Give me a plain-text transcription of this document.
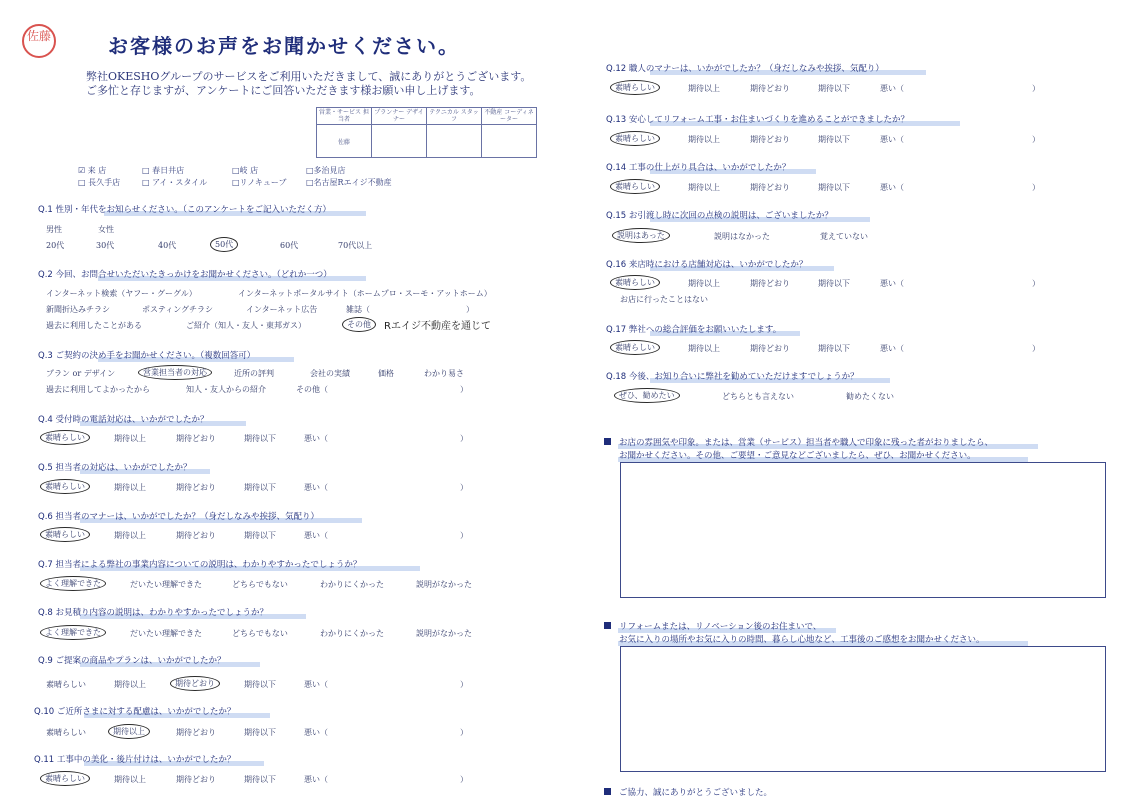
佐藤	お客様のお声をお聞かせください。
弊社OKESHOグループのサービスをご利用いただきまして、誠にありがとうございます。
ご多忙と存じますが、アンケートにご回答いただきます様お願い申し上げます。
営業・サービス 担当者	プランナー デザイナー	テクニカル スタッフ	不動産 コーディネーター
佐藤			
☑ 来 店	□ 春日井店	□岐 店	□多治見店
□ 長久手店	□ アイ・スタイル	□リノキューブ □名古屋Rエイジ不動産
Q.1 性別・年代をお知らせください。（このアンケートをご記入いただく方）
男性	女性
20代	30代	40代	50代	60代	70代以上
Q.2 今回、お問合せいただいたきっかけをお聞かせください。（どれか一つ）
インターネット検索（ヤフー・グーグル）	インターネットポータルサイト（ホームプロ・スーモ・アットホーム）
新聞折込みチラシ	ポスティングチラシ	インターネット広告	雑誌（	）
過去に利用したことがある	ご紹介（知人・友人・東邦ガス）	その他	Rエイジ不動産を通じて
Q.3 ご契約の決め手をお聞かせください。（複数回答可）
プラン or デザイン	営業担当者の対応	近所の評判	会社の実績	価格	わかり易さ
過去に利用してよかったから	知人・友人からの紹介	その他（	）
Q.4 受付時の電話対応は、いかがでしたか？
素晴らしい	期待以上	期待どおり	期待以下	悪い（	）
Q.5 担当者の対応は、いかがでしたか？
素晴らしい	期待以上	期待どおり	期待以下	悪い（	）
Q.6 担当者のマナーは、いかがでしたか？（身だしなみや挨拶、気配り）
素晴らしい	期待以上	期待どおり	期待以下	悪い（	）
Q.7 担当者による弊社の事業内容についての説明は、わかりやすかったでしょうか？
よく理解できた	だいたい理解できた	どちらでもない	わかりにくかった	説明がなかった
Q.8 お見積り内容の説明は、わかりやすかったでしょうか？
よく理解できた	だいたい理解できた	どちらでもない	わかりにくかった	説明がなかった
Q.9 ご提案の商品やプランは、いかがでしたか？
素晴らしい	期待以上	期待どおり	期待以下	悪い（	）
Q.10 ご近所さまに対する配慮は、いかがでしたか？
素晴らしい	期待以上	期待どおり	期待以下	悪い（	）
Q.11 工事中の美化・後片付けは、いかがでしたか？
素晴らしい	期待以上	期待どおり	期待以下	悪い（	）
Q.12 職人のマナーは、いかがでしたか？（身だしなみや挨拶、気配り）
素晴らしい	期待以上	期待どおり	期待以下	悪い（	）
Q.13 安心してリフォーム工事・お住まいづくりを進めることができましたか？
素晴らしい	期待以上	期待どおり	期待以下	悪い（	）
Q.14 工事の仕上がり具合は、いかがでしたか？
素晴らしい	期待以上	期待どおり	期待以下	悪い（	）
Q.15 お引渡し時に次回の点検の説明は、ございましたか？
説明はあった	説明はなかった	覚えていない
Q.16 来店時における店舗対応は、いかがでしたか？
素晴らしい	期待以上	期待どおり	期待以下	悪い（	）
お店に行ったことはない
Q.17 弊社への総合評価をお願いいたします。
素晴らしい	期待以上	期待どおり	期待以下	悪い（	）
Q.18 今後、お知り合いに弊社を勧めていただけますでしょうか？
ぜひ、勧めたい	どちらとも言えない	勧めたくない
お店の雰囲気や印象。または、営業（サービス）担当者や職人で印象に残った者がおりましたら、
お聞かせください。その他、ご要望・ご意見などございましたら、ぜひ、お聞かせください。
リフォームまたは、リノベーション後のお住まいで、
お気に入りの場所やお気に入りの時間、暮らし心地など、工事後のご感想をお聞かせください。
ご協力、誠にありがとうございました。
